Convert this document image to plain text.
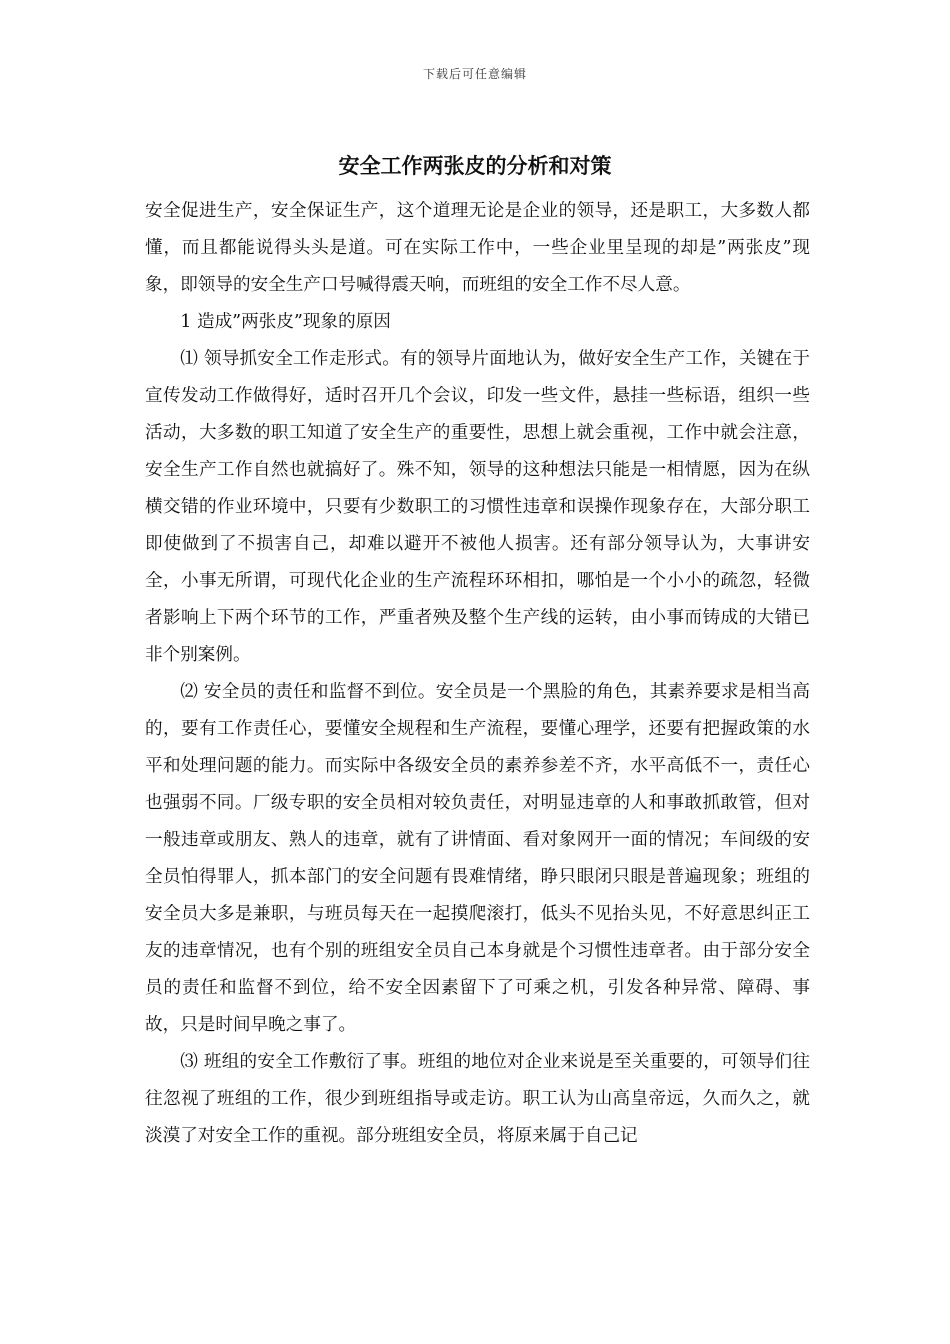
下载后可任意编辑
安全工作两张皮的分析和对策

安全促进生产，安全保证生产，这个道理无论是企业的领导，还是职工，大多数人都懂，而且都能说得头头是道。可在实际工作中，一些企业里呈现的却是”两张皮”现象，即领导的安全生产口号喊得震天响，而班组的安全工作不尽人意。

1 造成”两张皮”现象的原因

⑴ 领导抓安全工作走形式。有的领导片面地认为，做好安全生产工作，关键在于宣传发动工作做得好，适时召开几个会议，印发一些文件，悬挂一些标语，组织一些活动，大多数的职工知道了安全生产的重要性，思想上就会重视，工作中就会注意，安全生产工作自然也就搞好了。殊不知，领导的这种想法只能是一相情愿，因为在纵横交错的作业环境中，只要有少数职工的习惯性违章和误操作现象存在，大部分职工即使做到了不损害自己，却难以避开不被他人损害。还有部分领导认为，大事讲安全，小事无所谓，可现代化企业的生产流程环环相扣，哪怕是一个小小的疏忽，轻微者影响上下两个环节的工作，严重者殃及整个生产线的运转，由小事而铸成的大错已非个别案例。

⑵ 安全员的责任和监督不到位。安全员是一个黑脸的角色，其素养要求是相当高的，要有工作责任心，要懂安全规程和生产流程，要懂心理学，还要有把握政策的水平和处理问题的能力。而实际中各级安全员的素养参差不齐，水平高低不一，责任心也强弱不同。厂级专职的安全员相对较负责任，对明显违章的人和事敢抓敢管，但对一般违章或朋友、熟人的违章，就有了讲情面、看对象网开一面的情况；车间级的安全员怕得罪人，抓本部门的安全问题有畏难情绪，睁只眼闭只眼是普遍现象；班组的安全员大多是兼职，与班员每天在一起摸爬滚打，低头不见抬头见，不好意思纠正工友的违章情况，也有个别的班组安全员自己本身就是个习惯性违章者。由于部分安全员的责任和监督不到位，给不安全因素留下了可乘之机，引发各种异常、障碍、事故，只是时间早晚之事了。

⑶ 班组的安全工作敷衍了事。班组的地位对企业来说是至关重要的，可领导们往往忽视了班组的工作，很少到班组指导或走访。职工认为山高皇帝远，久而久之，就淡漠了对安全工作的重视。部分班组安全员，将原来属于自己记
